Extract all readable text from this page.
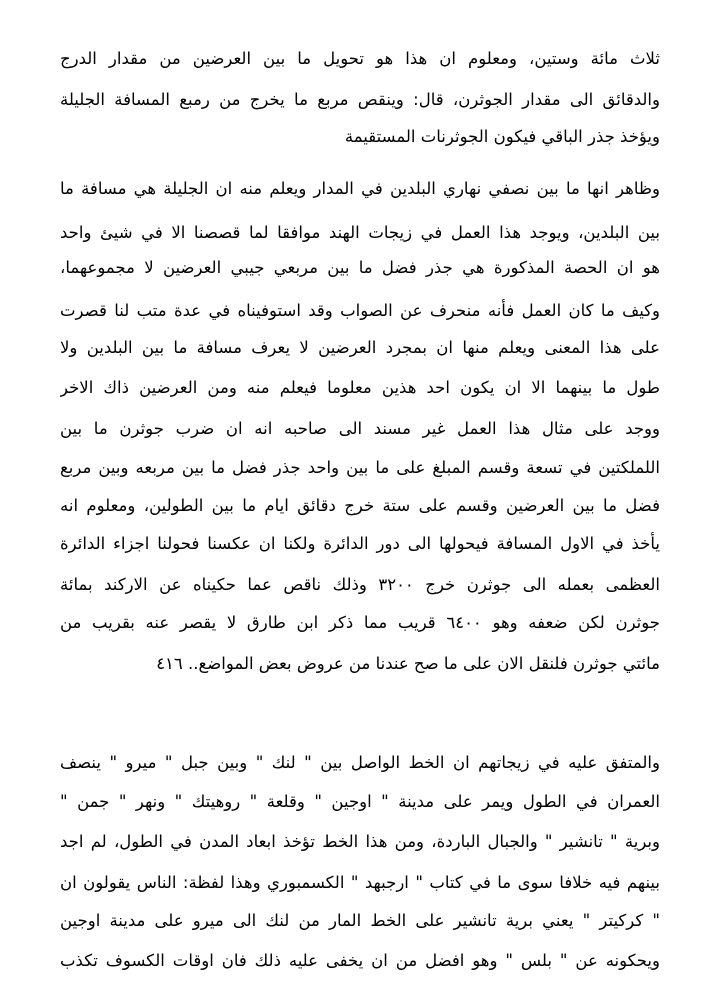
ثلاث مائة وستين، ومعلوم ان هذا هو تحويل ما بين العرضين من مقدار الدرج
والدقائق الى مقدار الجوثرن، قال: وينقص مربع ما يخرج من رمبع المسافة الجليلة
ويؤخذ جذر الباقي فيكون الجوثرنات المستقيمة
وظاهر انها ما بين نصفي نهاري البلدين في المدار ويعلم منه ان الجليلة هي مسافة ما
بين البلدين، ويوجد هذا العمل في زيجات الهند موافقا لما قصصنا الا في شيئ واحد
هو ان الحصة المذكورة هي جذر فضل ما بين مربعي جيبي العرضين لا مجموعهما،
وكيف ما كان العمل فأنه منحرف عن الصواب وقد استوفيناه في عدة متب لنا قصرت
على هذا المعنى ويعلم منها ان بمجرد العرضين لا يعرف مسافة ما بين البلدين ولا
طول ما بينهما الا ان يكون احد هذين معلوما فيعلم منه ومن العرضين ذاك الاخر
ووجد على مثال هذا العمل غير مسند الى صاحبه انه ان ضرب جوثرن ما بين
اللملكتين في تسعة وقسم المبلغ على ما بين واحد جذر فضل ما بين مربعه وبين مربع
فضل ما بين العرضين وقسم على ستة خرج دقائق ايام ما بين الطولين، ومعلوم انه
يأخذ في الاول المسافة فيحولها الى دور الدائرة ولكنا ان عكسنا فحولنا اجزاء الدائرة
العظمى بعمله الى جوثرن خرج ٣٢٠٠ وذلك ناقص عما حكيناه عن الاركند بمائة
جوثرن لكن ضعفه وهو ٦٤٠٠ قريب مما ذكر ابن طارق لا يقصر عنه بقريب من
مائتي جوثرن فلنقل الان على ما صح عندنا من عروض بعض المواضع.. ٤١٦
والمتفق عليه في زيجاتهم ان الخط الواصل بين " لنك " وبين جبل " ميرو " ينصف
العمران في الطول ويمر على مدينة " اوجين " وقلعة " روهيتك " ونهر " جمن "
وبرية " تانشير " والجبال الباردة، ومن هذا الخط تؤخذ ابعاد المدن في الطول، لم اجد
بينهم فيه خلافا سوى ما في كتاب " ارجبهد " الكسمبوري وهذا لفظة: الناس يقولون ان
" كركيتر " يعني برية تانشير على الخط المار من لنك الى ميرو على مدينة اوجين
ويحكونه عن " بلس " وهو افضل من ان يخفى عليه ذلك فان اوقات الكسوف تكذب
